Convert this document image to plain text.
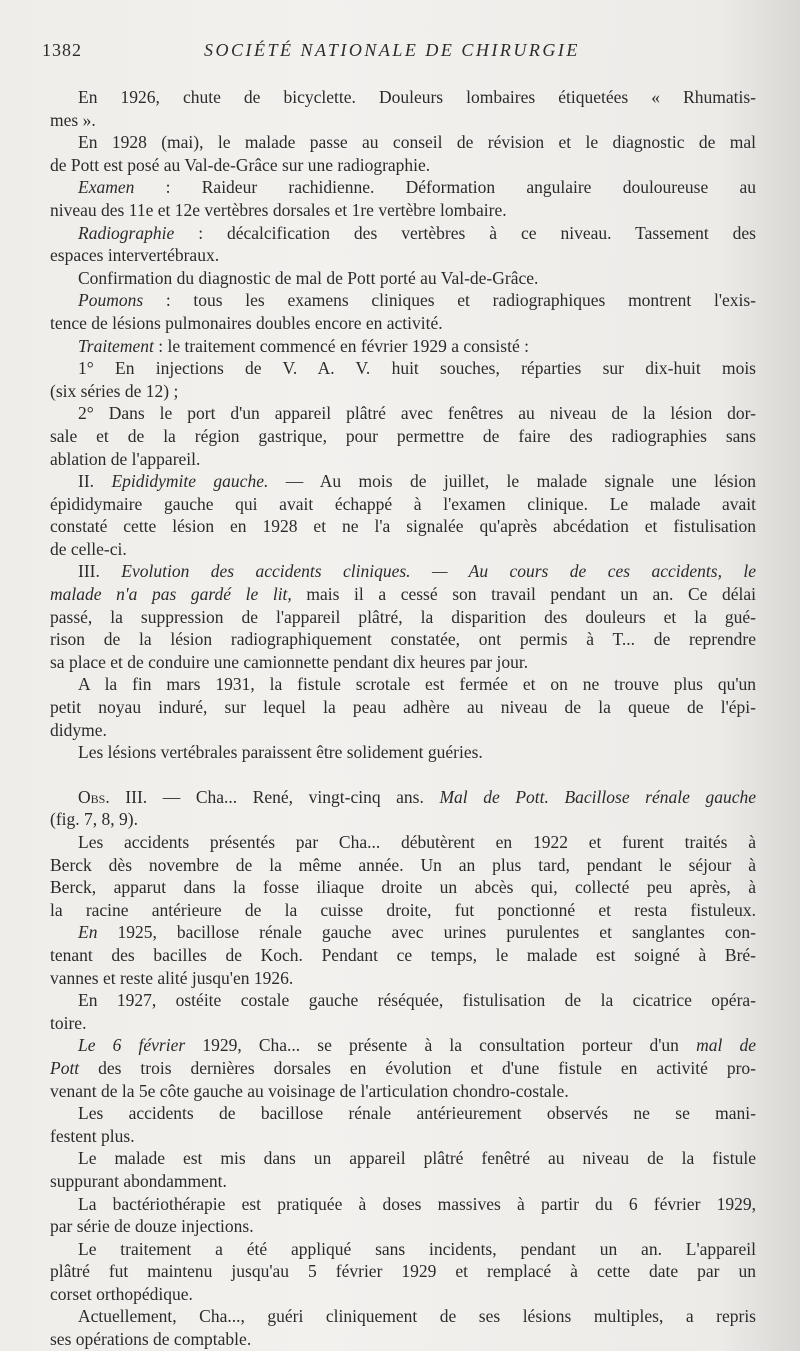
1382	SOCIÉTÉ NATIONALE DE CHIRURGIE
En 1926, chute de bicyclette. Douleurs lombaires étiquetées « Rhumatis-
mes ».
En 1928 (mai), le malade passe au conseil de révision et le diagnostic de mal
de Pott est posé au Val-de-Grâce sur une radiographie.
Examen : Raideur rachidienne. Déformation angulaire douloureuse au
niveau des 11e et 12e vertèbres dorsales et 1re vertèbre lombaire.
Radiographie : décalcification des vertèbres à ce niveau. Tassement des
espaces intervertébraux.
Confirmation du diagnostic de mal de Pott porté au Val-de-Grâce.
Poumons : tous les examens cliniques et radiographiques montrent l'exis-
tence de lésions pulmonaires doubles encore en activité.
Traitement : le traitement commencé en février 1929 a consisté :
1° En injections de V. A. V. huit souches, réparties sur dix-huit mois
(six séries de 12) ;
2° Dans le port d'un appareil plâtré avec fenêtres au niveau de la lésion dor-
sale et de la région gastrique, pour permettre de faire des radiographies sans
ablation de l'appareil.
II. Epididymite gauche. — Au mois de juillet, le malade signale une lésion
épididymaire gauche qui avait échappé à l'examen clinique. Le malade avait
constaté cette lésion en 1928 et ne l'a signalée qu'après abcédation et fistulisation
de celle-ci.
III. Evolution des accidents cliniques. — Au cours de ces accidents, le
malade n'a pas gardé le lit, mais il a cessé son travail pendant un an. Ce délai
passé, la suppression de l'appareil plâtré, la disparition des douleurs et la gué-
rison de la lésion radiographiquement constatée, ont permis à T... de reprendre
sa place et de conduire une camionnette pendant dix heures par jour.
A la fin mars 1931, la fistule scrotale est fermée et on ne trouve plus qu'un
petit noyau induré, sur lequel la peau adhère au niveau de la queue de l'épi-
didyme.
Les lésions vertébrales paraissent être solidement guéries.
Obs. III. — Cha... René, vingt-cinq ans. Mal de Pott. Bacillose rénale gauche
(fig. 7, 8, 9).
Les accidents présentés par Cha... débutèrent en 1922 et furent traités à
Berck dès novembre de la même année. Un an plus tard, pendant le séjour à
Berck, apparut dans la fosse iliaque droite un abcès qui, collecté peu après, à
la racine antérieure de la cuisse droite, fut ponctionné et resta fistuleux.
En 1925, bacillose rénale gauche avec urines purulentes et sanglantes con-
tenant des bacilles de Koch. Pendant ce temps, le malade est soigné à Bré-
vannes et reste alité jusqu'en 1926.
En 1927, ostéite costale gauche réséquée, fistulisation de la cicatrice opéra-
toire.
Le 6 février 1929, Cha... se présente à la consultation porteur d'un mal de
Pott des trois dernières dorsales en évolution et d'une fistule en activité pro-
venant de la 5e côte gauche au voisinage de l'articulation chondro-costale.
Les accidents de bacillose rénale antérieurement observés ne se mani-
festent plus.
Le malade est mis dans un appareil plâtré fenêtré au niveau de la fistule
suppurant abondamment.
La bactériothérapie est pratiquée à doses massives à partir du 6 février 1929,
par série de douze injections.
Le traitement a été appliqué sans incidents, pendant un an. L'appareil
plâtré fut maintenu jusqu'au 5 février 1929 et remplacé à cette date par un
corset orthopédique.
Actuellement, Cha..., guéri cliniquement de ses lésions multiples, a repris
ses opérations de comptable.
